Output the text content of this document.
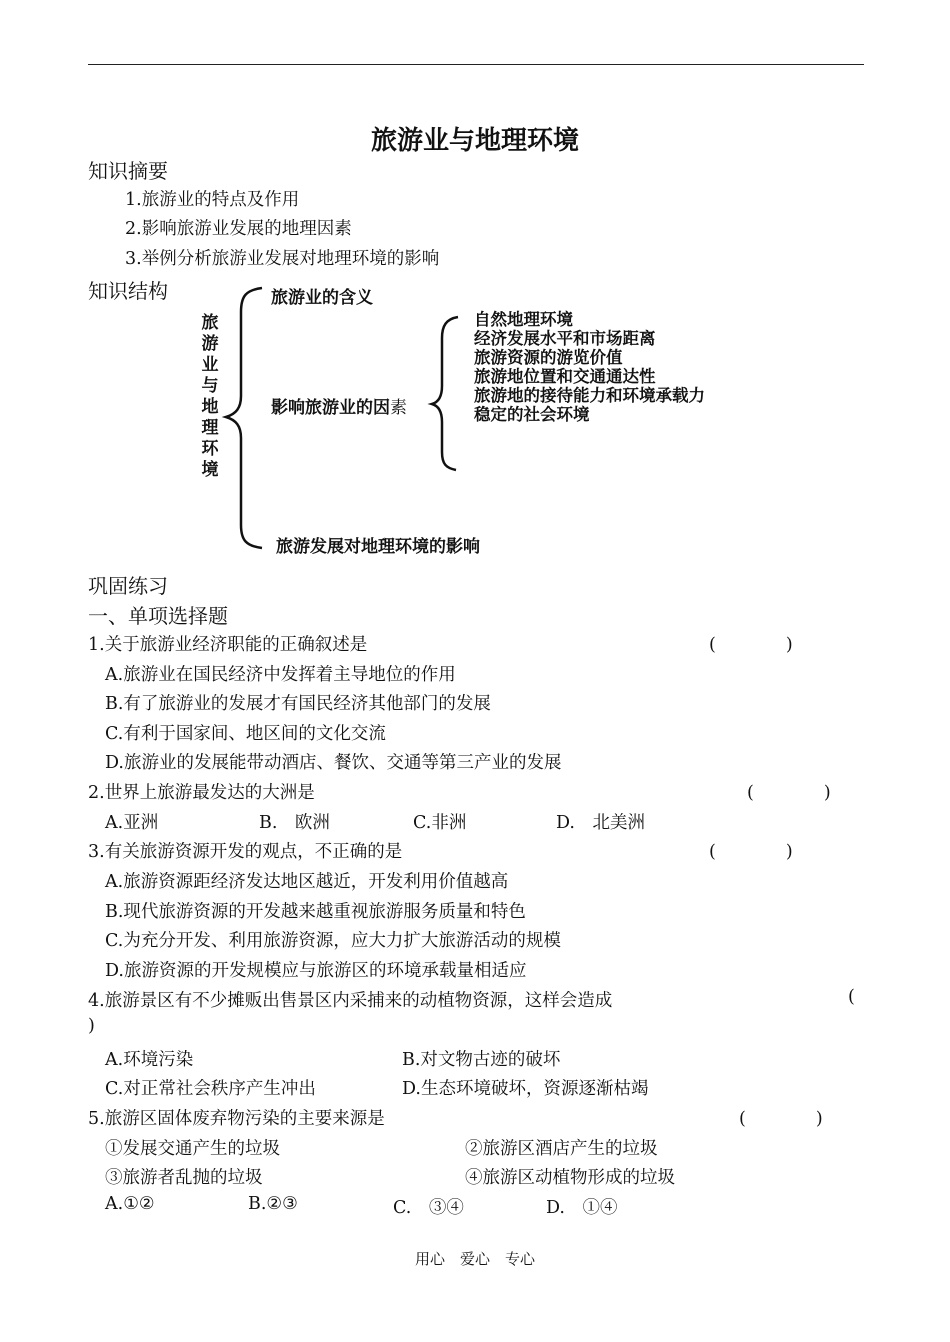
旅游业与地理环境
知识摘要
1.旅游业的特点及作用
2.影响旅游业发展的地理因素
3.举例分析旅游业发展对地理环境的影响
知识结构
旅
游
业
与
地
理
环
境
旅游业的含义
影响旅游业的因素
自然地理环境
经济发展水平和市场距离
旅游资源的游览价值
旅游地位置和交通通达性
旅游地的接待能力和环境承载力
稳定的社会环境
旅游发展对地理环境的影响
巩固练习
一、单项选择题
1.关于旅游业经济职能的正确叙述是	(　　　　)
A.旅游业在国民经济中发挥着主导地位的作用
B.有了旅游业的发展才有国民经济其他部门的发展
C.有利于国家间、地区间的文化交流
D.旅游业的发展能带动酒店、餐饮、交通等第三产业的发展
2.世界上旅游最发达的大洲是	(　　　　)
A.亚洲	B.　欧洲	C.非洲	D.　北美洲
3.有关旅游资源开发的观点，不正确的是	(　　　　)
A.旅游资源距经济发达地区越近，开发利用价值越高
B.现代旅游资源的开发越来越重视旅游服务质量和特色
C.为充分开发、利用旅游资源，应大力扩大旅游活动的规模
D.旅游资源的开发规模应与旅游区的环境承载量相适应
4.旅游景区有不少摊贩出售景区内采捕来的动植物资源，这样会造成	(
)
A.环境污染	B.对文物古迹的破坏
C.对正常社会秩序产生冲出	D.生态环境破坏，资源逐渐枯竭
5.旅游区固体废弃物污染的主要来源是	(　　　　)
①发展交通产生的垃圾	②旅游区酒店产生的垃圾
③旅游者乱抛的垃圾	④旅游区动植物形成的垃圾
A.①②	B.②③	C.　③④	D.　①④
用心　爱心　专心
